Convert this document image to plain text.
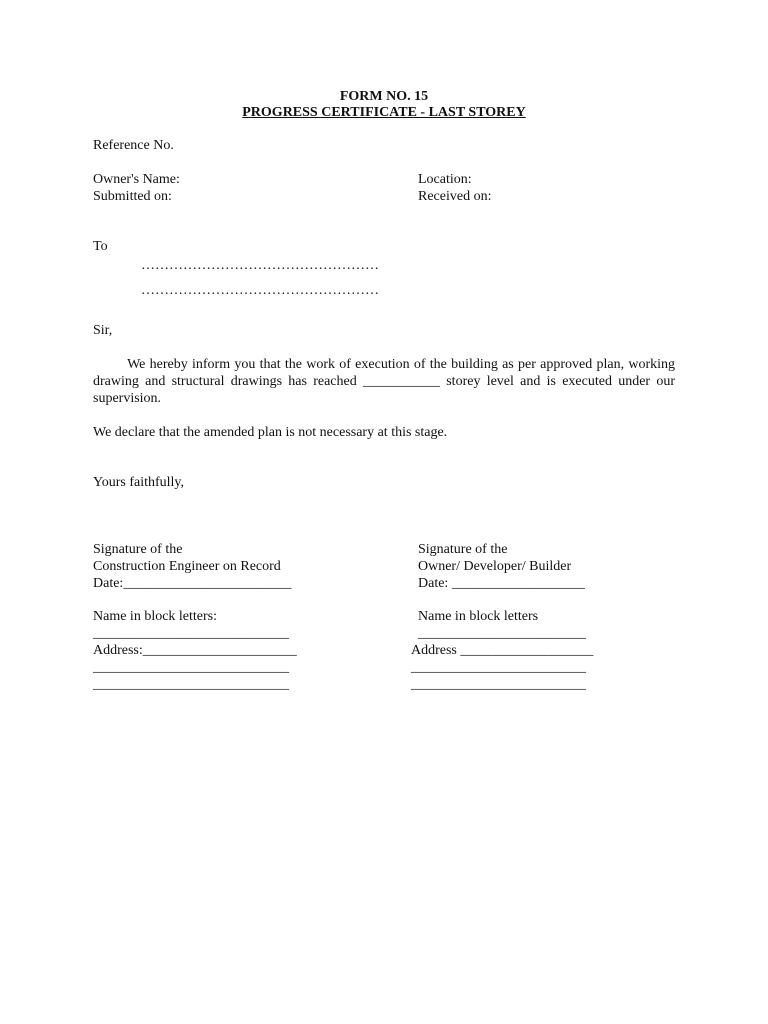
FORM NO. 15

PROGRESS CERTIFICATE - LAST STOREY

Reference No.

Owner's Name:	Location:

Submitted on:	Received on:

To

……………………………………………

……………………………………………

Sir,

We hereby inform you that the work of execution of the building as per approved plan, working drawing and structural drawings has reached ___________ storey level and is executed under our supervision.

We declare that the amended plan is not necessary at this stage.

Yours faithfully,

Signature of the

Construction Engineer on Record

Date:________________________

Name in block letters:

____________________________

Address:______________________

____________________________

____________________________

Signature of the

Owner/ Developer/ Builder

Date: ___________________

Name in block letters

________________________

Address ___________________

_________________________

_________________________
